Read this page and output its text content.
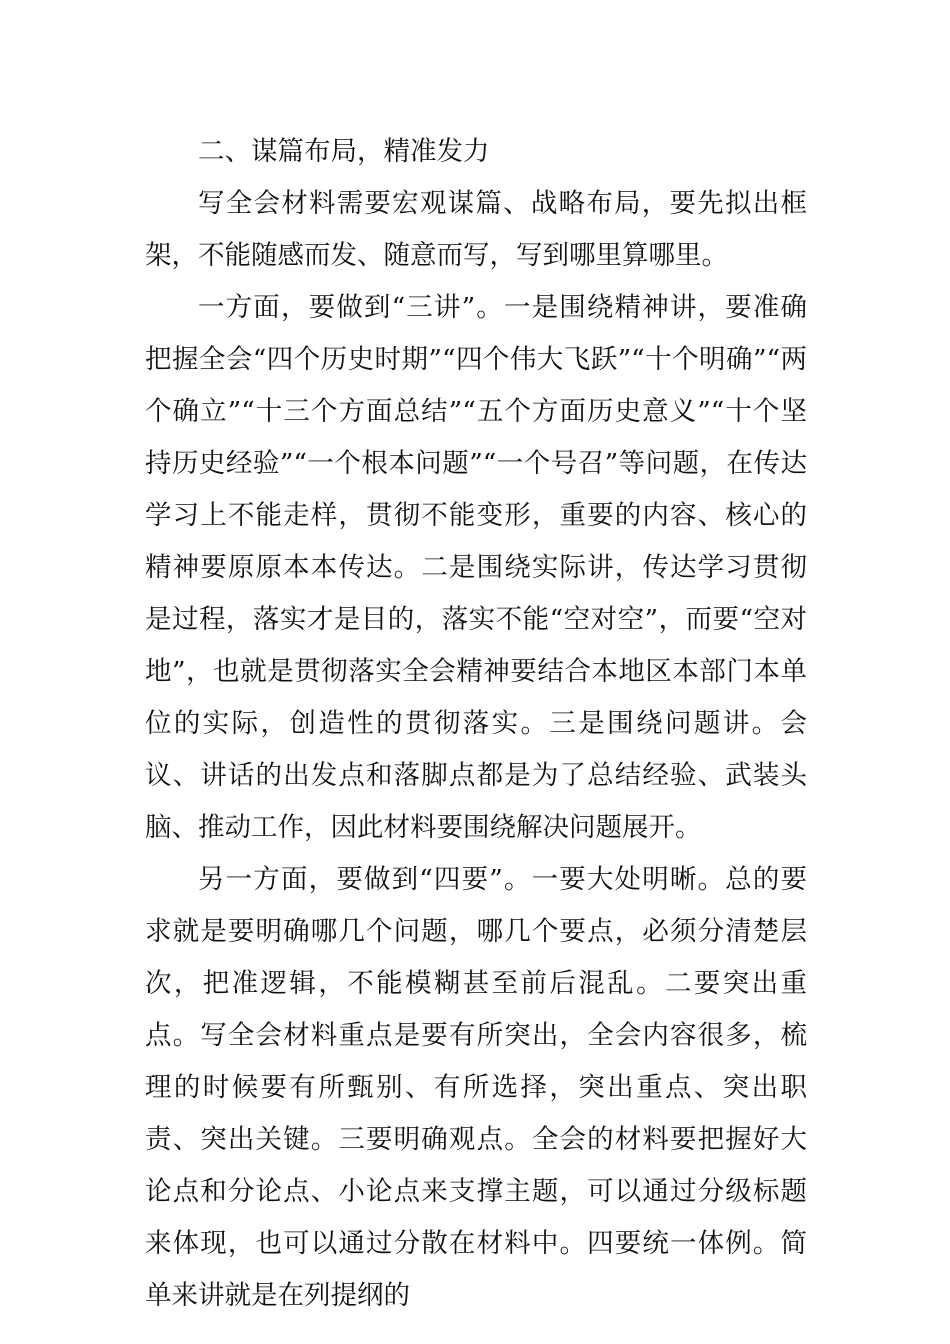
二、谋篇布局，精准发力

写全会材料需要宏观谋篇、战略布局，要先拟出框架，不能随感而发、随意而写，写到哪里算哪里。

一方面，要做到“三讲”。一是围绕精神讲，要准确把握全会“四个历史时期”“四个伟大飞跃”“十个明确”“两个确立”“十三个方面总结”“五个方面历史意义”“十个坚持历史经验”“一个根本问题”“一个号召”等问题，在传达学习上不能走样，贯彻不能变形，重要的内容、核心的精神要原原本本传达。二是围绕实际讲，传达学习贯彻是过程，落实才是目的，落实不能“空对空”，而要“空对地”，也就是贯彻落实全会精神要结合本地区本部门本单位的实际，创造性的贯彻落实。三是围绕问题讲。会议、讲话的出发点和落脚点都是为了总结经验、武装头脑、推动工作，因此材料要围绕解决问题展开。

另一方面，要做到“四要”。一要大处明晰。总的要求就是要明确哪几个问题，哪几个要点，必须分清楚层次，把准逻辑，不能模糊甚至前后混乱。二要突出重点。写全会材料重点是要有所突出，全会内容很多，梳理的时候要有所甄别、有所选择，突出重点、突出职责、突出关键。三要明确观点。全会的材料要把握好大论点和分论点、小论点来支撑主题，可以通过分级标题来体现，也可以通过分散在材料中。四要统一体例。简单来讲就是在列提纲的
